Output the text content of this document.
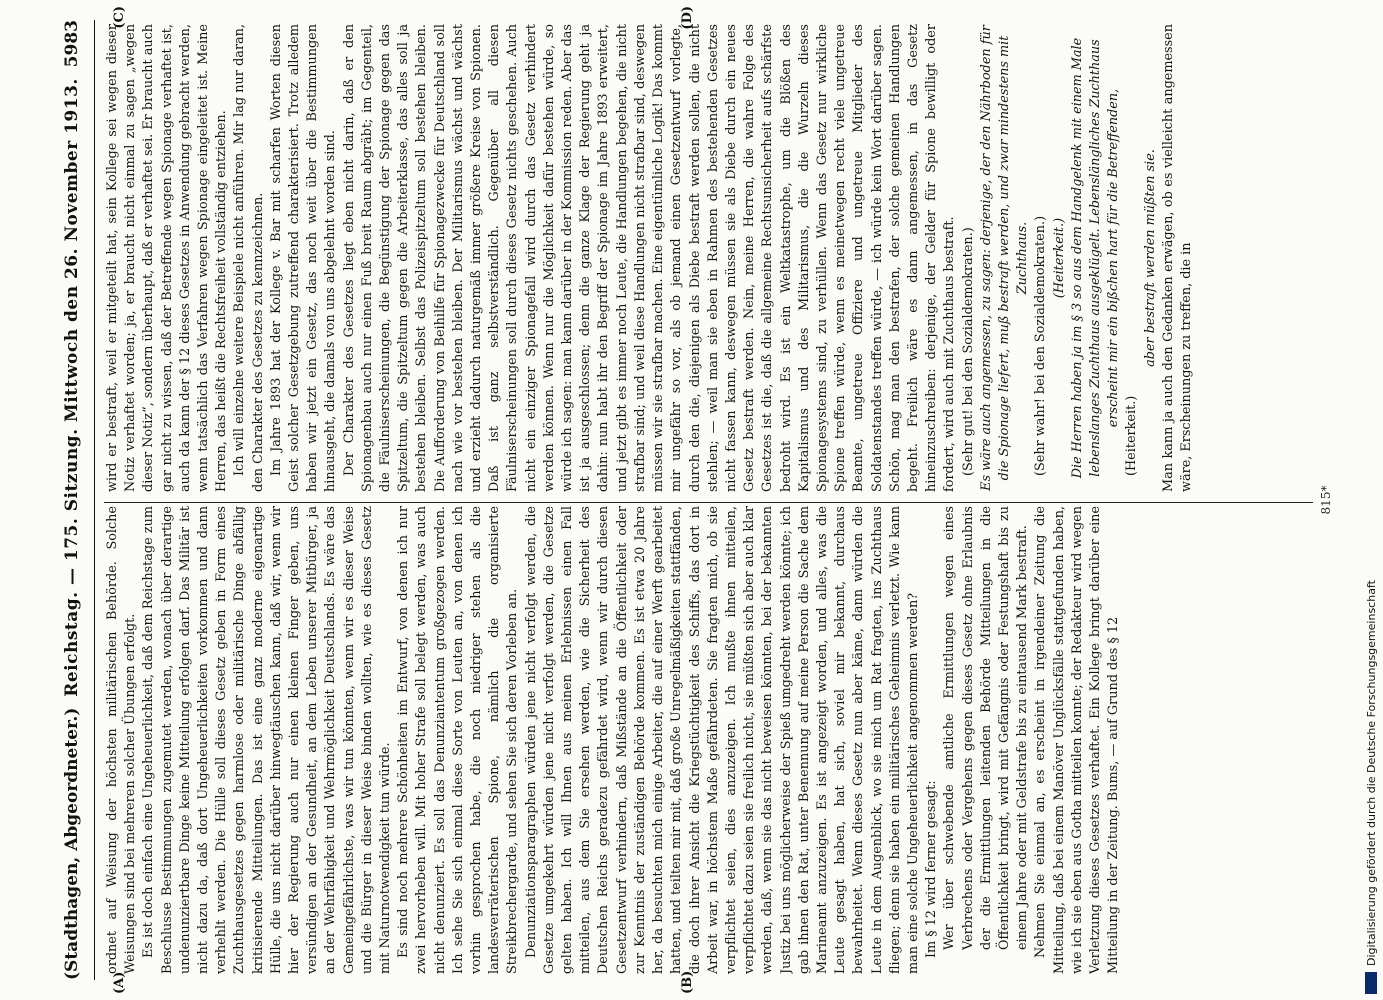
(Stadthagen, Abgeordneter.)
Reichstag. — 175. Sitzung. Mittwoch den 26. November 1913.
5983
(A)	(B)
(C)	(D)

ordnet auf Weisung der höchsten militärischen Behörde. Solche Weisungen sind bei mehreren solcher Übungen erfolgt. Es ist doch einfach eine Ungeheuerlichkeit, daß dem Reichstage zum Beschlusse Bestimmungen zugemutet werden, wonach über derartige undenunziertbare Dinge keine Mitteilung erfolgen darf. Das Militär ist nicht dazu da, daß dort Ungeheuerlichkeiten vorkommen und dann verhehlt werden. Die Hülle soll dieses Gesetz geben in Form eines Zuchthausgesetzes gegen harmlose oder militärische Dinge abfällig kritisierende Mitteilungen. Das ist eine ganz moderne eigenartige Hülle, die uns nicht darüber hinwegtäuschen kann, daß wir, wenn wir hier der Regierung auch nur einen kleinen Finger geben, uns versündigen an der Gesundheit, an dem Leben unserer Mitbürger, ja an der Wehrfähigkeit und Wehrmöglichkeit Deutschlands. Es wäre das Gemeingefährlichste, was wir tun könnten, wenn wir es dieser Weise und die Bürger in dieser Weise binden wollten, wie es dieses Gesetz mit Naturnotwendigkeit tun würde. Es sind noch mehrere Schönheiten im Entwurf, von denen ich nur zwei hervorheben will. Mit hoher Strafe soll belegt werden, was auch nicht denunziert. Es soll das Denunziantentum großgezogen werden. Ich sehe Sie sich einmal diese Sorte von Leuten an, von denen ich vorhin gesprochen habe, die noch niedriger stehen als die landesverräterischen Spione, nämlich die organisierte Streikbrechergarde, und sehen Sie sich deren Vorleben an. Denunziationsparagraphen würden jene nicht verfolgt werden, die Gesetze umgekehrt würden jene nicht verfolgt werden, die Gesetze gelten haben. Ich will Ihnen aus meinen Erlebnissen einen Fall mitteilen, aus dem Sie ersehen werden, wie die Sicherheit des Deutschen Reichs geradezu gefährdet wird, wenn wir durch diesen Gesetzentwurf verhindern, daß Mißstände an die Öffentlichkeit oder zur Kenntnis der zuständigen Behörde kommen. Es ist etwa 20 Jahre her, da besuchten mich einige Arbeiter, die auf einer Werft gearbeitet hatten, und teilten mir mit, daß große Unregelmäßigkeiten stattfänden, die doch ihrer Ansicht die Kriegstüchtigkeit des Schiffs, das dort in Arbeit war, in höchstem Maße gefährdeten. Sie fragten mich, ob sie verpflichtet seien, dies anzuzeigen. Ich mußte ihnen mitteilen, verpflichtet dazu seien sie freilich nicht, sie müßten sich aber auch klar werden, daß, wenn sie das nicht beweisen könnten, bei der bekannten Justiz bei uns möglicherweise der Spieß umgedreht werden könnte; ich gab ihnen den Rat, unter Benennung auf meine Person die Sache dem Marineamt anzuzeigen. Es ist angezeigt worden, und alles, was die Leute gesagt haben, hat sich, soviel mir bekannt, durchaus bewahrheitet. Wenn dieses Gesetz nun aber käme, dann würden die Leute in dem Augenblick, wo sie mich um Rat fragten, ins Zuchthaus fliegen; denn sie haben ein militärisches Geheimnis verletzt. Wie kann man eine solche Ungeheuerlichkeit angenommen werden? Im § 12 wird ferner gesagt: Wer über schwebende amtliche Ermittlungen wegen eines Verbrechens oder Vergehens gegen dieses Gesetz ohne Erlaubnis der die Ermittlungen leitenden Behörde Mitteilungen in die Öffentlichkeit bringt, wird mit Gefängnis oder Festungshaft bis zu einem Jahre oder mit Geldstrafe bis zu eintausend Mark bestraft. Nehmen Sie einmal an, es erscheint in irgendeiner Zeitung die Mitteilung, daß bei einem Manöver Unglücksfälle stattgefunden haben, wie ich sie eben aus Gotha mitteilen konnte; der Redakteur wird wegen Verletzung dieses Gesetzes verhaftet. Ein Kollege bringt darüber eine Mitteilung in der Zeitung. Bums, — auf Grund des § 12

wird er bestraft, weil er mitgeteilt hat, sein Kollege sei wegen dieser Notiz verhaftet worden; ja, er braucht nicht einmal zu sagen „wegen dieser Notiz“, sondern überhaupt, daß er verhaftet sei. Er braucht auch gar nicht zu wissen, daß der Betreffende wegen Spionage verhaftet ist, auch da kann der § 12 dieses Gesetzes in Anwendung gebracht werden, wenn tatsächlich das Verfahren wegen Spionage eingeleitet ist. Meine Herren, das heißt die Rechtsfreiheit vollständig entziehen. Ich will einzelne weitere Beispiele nicht anführen. Mir lag nur daran, den Charakter des Gesetzes zu kennzeichnen. Im Jahre 1893 hat der Kollege v. Bar mit scharfen Worten diesen Geist solcher Gesetzgebung zutreffend charakterisiert. Trotz alledem haben wir jetzt ein Gesetz, das noch weit über die Bestimmungen hinausgeht, die damals von uns abgelehnt worden sind. Der Charakter des Gesetzes liegt eben nicht darin, daß er den Spionagenbau auch nur einen Fuß breit Raum abgräbt; im Gegenteil, die Fäulniserscheinungen, die Begünstigung der Spionage gegen das Spitzeltum, die Spitzeltum gegen die Arbeiterklasse, das alles soll ja bestehen bleiben. Selbst das Polizeispitzeltum soll bestehen bleiben. Die Aufforderung von Beihilfe für Spionagezwecke für Deutschland soll nach wie vor bestehen bleiben. Der Militarismus wächst und wächst und erzieht dadurch naturgemäß immer größere Kreise von Spionen. Daß ist ganz selbstverständlich. Gegenüber all diesen Fäulniserscheinungen soll durch dieses Gesetz nichts geschehen. Auch nicht ein einziger Spionagefall wird durch das Gesetz verhindert werden können. Wenn nur die Möglichkeit dafür bestehen würde, so würde ich sagen: man kann darüber in der Kommission reden. Aber das ist ja ausgeschlossen; denn die ganze Klage der Regierung geht ja dahin: nun habt ihr den Begriff der Spionage im Jahre 1893 erweitert, und jetzt gibt es immer noch Leute, die Handlungen begehen, die nicht strafbar sind; und weil diese Handlungen nicht strafbar sind, deswegen müssen wir sie strafbar machen. Eine eigentümliche Logik! Das kommt mir ungefähr so vor, als ob jemand einen Gesetzentwurf vorlegte, durch den die, diejenigen als Diebe bestraft werden sollen, die nicht stehlen; — weil man sie eben in Rahmen des bestehenden Gesetzes nicht fassen kann, deswegen müssen sie als Diebe durch ein neues Gesetz bestraft werden. Nein, meine Herren, die wahre Folge des Gesetzes ist die, daß die allgemeine Rechtsunsicherheit aufs schärfste bedroht wird. Es ist ein Weltkatastrophe, um die Blößen des Kapitalismus und des Militarismus, die die Wurzeln dieses Spionagesystems sind, zu verhüllen. Wenn das Gesetz nur wirkliche Spione treffen würde, wenn es meinetwegen recht viele ungetreue Beamte, ungetreue Offiziere und ungetreue Mitglieder des Soldatenstandes treffen würde, — ich würde kein Wort darüber sagen. Schön, mag man den bestrafen, der solche gemeinen Handlungen begeht. Freilich wäre es dann angemessen, in das Gesetz hineinzuschreiben: derjenige, der Gelder für Spione bewilligt oder fordert, wird auch mit Zuchthaus bestraft. (Sehr gut! bei den Sozialdemokraten.) Es wäre auch angemessen, zu sagen: derjenige, der den Nährboden für die Spionage liefert, muß bestraft werden, und zwar mindestens mit Zuchthaus. (Sehr wahr! bei den Sozialdemokraten.) (Heiterkeit.) Die Herren haben ja im § 3 so aus dem Handgelenk mit einem Male lebenslanges Zuchthaus ausgeklügelt. Lebenslängliches Zuchthaus erscheint mir ein bißchen hart für die Betreffenden,

(Heiterkeit.)

aber bestraft werden müßten sie. Man kann ja auch den Gedanken erwägen, ob es vielleicht angemessen wäre, Erscheinungen zu treffen, die in

815*
Digitalisierung gefördert durch die Deutsche Forschungsgemeinschaft
